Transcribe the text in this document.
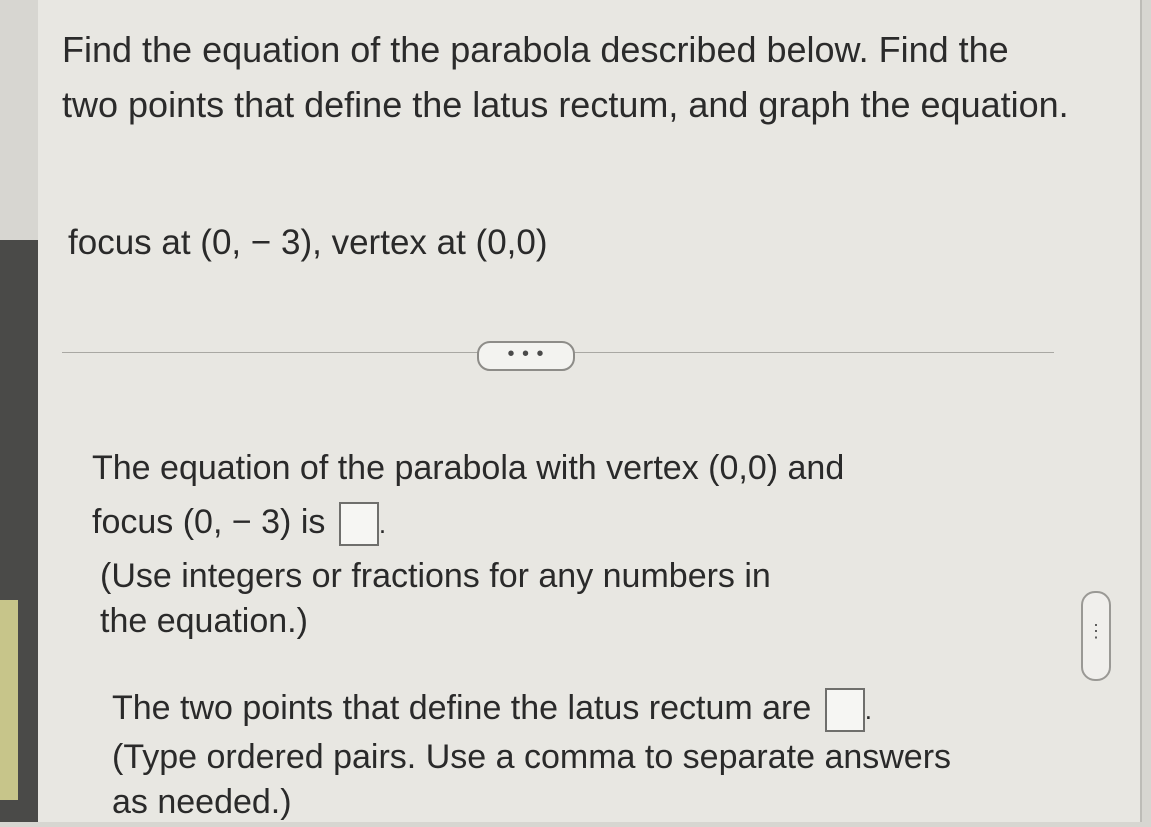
Find the equation of the parabola described below. Find the two points that define the latus rectum, and graph the equation.

focus at (0, − 3), vertex at (0,0)
• • •
The equation of the parabola with vertex (0,0) and
focus (0, − 3) is .
(Use integers or fractions for any numbers in
the equation.)
The two points that define the latus rectum are .
(Type ordered pairs. Use a comma to separate answers
as needed.)
⋮
